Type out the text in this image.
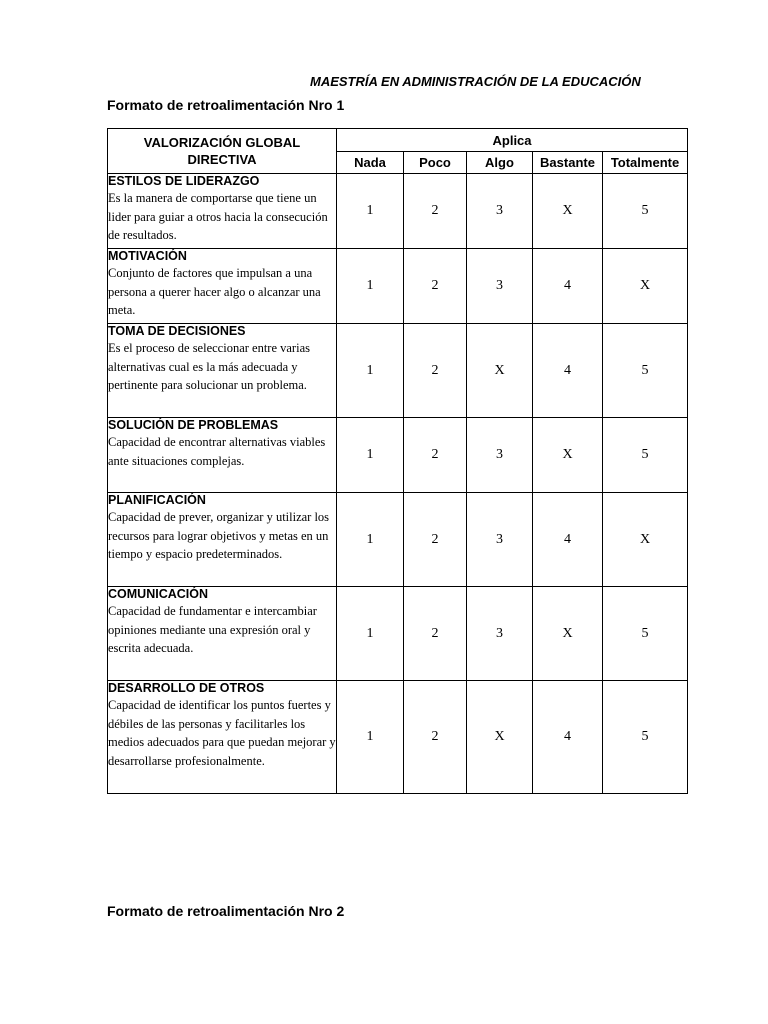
MAESTRÍA EN ADMINISTRACIÓN DE LA EDUCACIÓN
Formato de retroalimentación Nro 1
VALORIZACIÓN GLOBAL DIRECTIVA	Aplica				
	Nada	Poco	Algo	Bastante	Totalmente

ESTILOS DE LIDERAZGO
Es la manera de comportarse que tiene un lider para guiar a otros hacia la consecución de resultados.	1	2	3	X	5

MOTIVACIÓN
Conjunto de factores que impulsan a una persona a querer hacer algo o alcanzar una meta.	1	2	3	4	X

TOMA DE DECISIONES
Es el proceso de seleccionar entre varias alternativas cual es la más adecuada y pertinente para solucionar un problema.	1	2	X	4	5

SOLUCIÓN DE PROBLEMAS
Capacidad de encontrar alternativas viables ante situaciones complejas.	1	2	3	X	5

PLANIFICACIÓN
Capacidad de prever, organizar y utilizar los recursos para lograr objetivos y metas en un tiempo y espacio predeterminados.	1	2	3	4	X

COMUNICACIÓN
Capacidad de fundamentar e intercambiar opiniones mediante una expresión oral y escrita adecuada.	1	2	3	X	5

DESARROLLO DE OTROS
Capacidad de identificar los puntos fuertes y débiles de las personas y facilitarles los medios adecuados para que puedan mejorar y desarrollarse profesionalmente.	1	2	X	4	5
Formato de retroalimentación Nro 2
